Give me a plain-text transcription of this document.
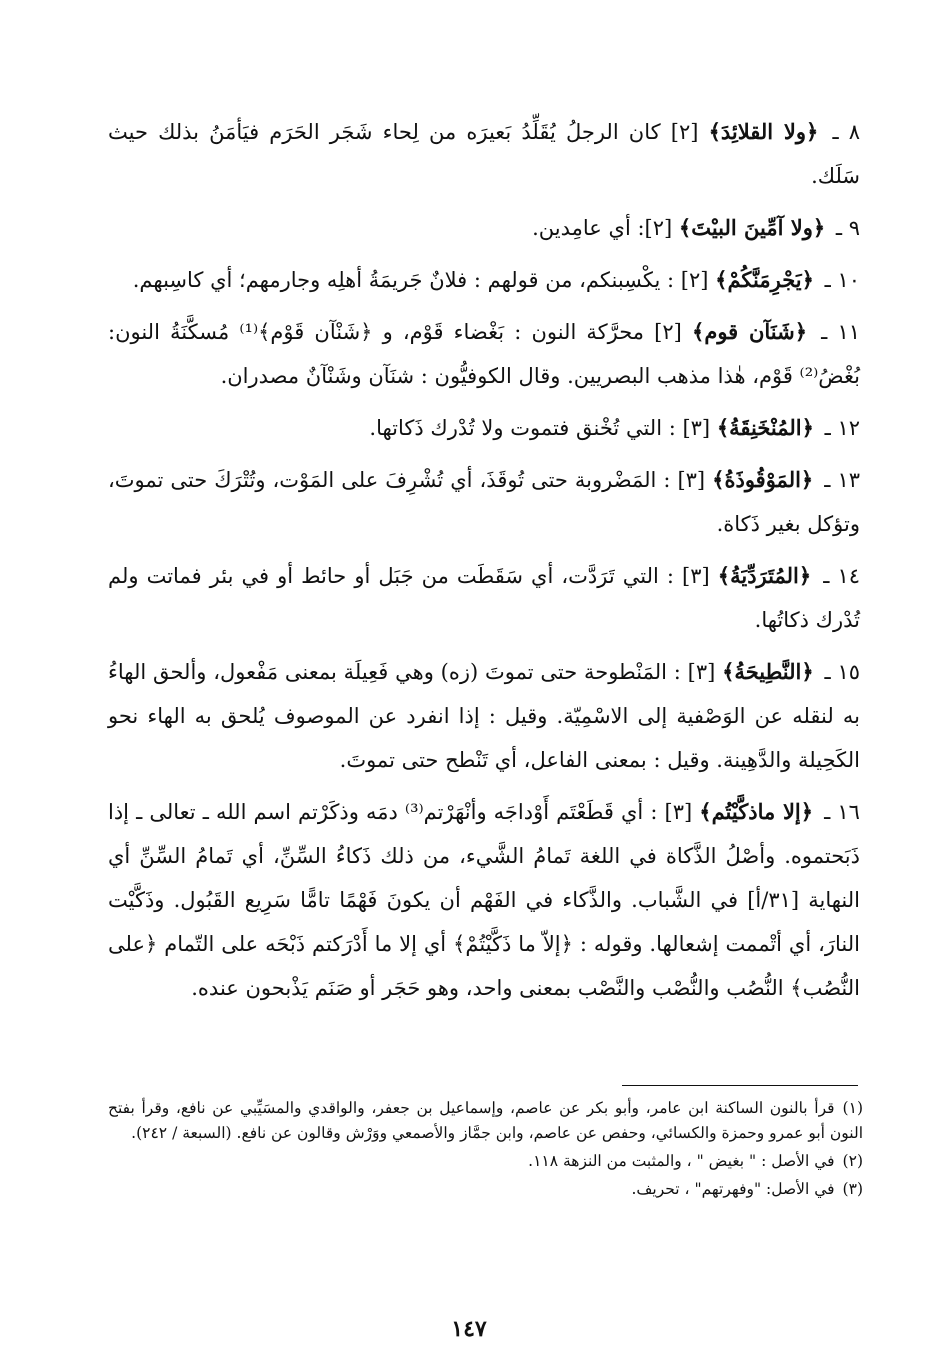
٨ ـ ﴿ولا القلائِدَ﴾ [٢] كان الرجلُ يُقَلِّدُ بَعيرَه من لِحاء شَجَر الحَرَم فيَأمَنُ بذلك حيث سَلَك.

٩ ـ ﴿ولا آمِّينَ البيْتَ﴾ [٢]: أي عامِدين.

١٠ ـ ﴿يَجْرِمَنَّكُمْ﴾ [٢] : يكْسِبنكم، من قولهم : فلانٌ جَريمَةُ أهلِه وجارمهم؛ أي كاسِبهم.

١١ ـ ﴿شَنَآن قوم﴾ [٢] محرَّكة النون : بَغْضاء قَوْم، و ﴿شَنْآن قَوْم﴾⁽¹⁾ مُسكَّنَةُ النون: بُغْضُ⁽²⁾ قَوْم، هٰذا مذهب البصريين. وقال الكوفيُّون : شنَآن وشَنْآنٌ مصدران.

١٢ ـ ﴿المُنْخَنِقَةُ﴾ [٣] : التي تُخْنق فتموت ولا تُدْرك ذَكاتها.

١٣ ـ ﴿المَوْقُوذَةُ﴾ [٣] : المَضْروبة حتى تُوقَذَ، أي تُشْرِفَ على المَوْت، وتُتْرَكَ حتى تموتَ، وتؤكل بغير ذَكاة.

١٤ ـ ﴿المُتَرَدِّيَةُ﴾ [٣] : التي تَرَدَّت، أي سَقَطَت من جَبَل أو حائط أو في بئر فماتت ولم تُدْرك ذكاتُها.

١٥ ـ ﴿النَّطِيحَةُ﴾ [٣] : المَنْطوحة حتى تموتَ (زه) وهي فَعِيلَة بمعنى مَفْعول، وألحق الهاءُ به لنقله عن الوَصْفية إلى الاسْمِيّة. وقيل : إذا انفرد عن الموصوف يُلحق به الهاء نحو الكَحِيلة والدَّهِينة. وقيل : بمعنى الفاعل، أي تَنْطح حتى تموتَ.

١٦ ـ ﴿إلا ماذكَّيْتُم﴾ [٣] : أي قَطَعْتَم أَوْداجَه وأنْهَرْتم⁽³⁾ دمَه وذكَرْتم اسم الله ـ تعالى ـ إذا ذَبَحتموه. وأصْلُ الذَّكاة في اللغة تَمامُ الشَّيء، من ذلك ذَكاءُ السِّنِّ، أي تَمامُ السِّنِّ أي النهاية [٣١/أ] في الشَّباب. والذَّكاء في الفَهْم أن يكونَ فَهْمًا تامًّا سَرِيع القَبُول. وذَكَّيْت النارَ، أي أتْممت إشعالها. وقوله : ﴿إلاّ ما ذَكَّيْتُمْ﴾ أي إلا ما أَدْرَكتم ذَبْحَه على التّمام ﴿على النُّصُب﴾ النُّصُب والنُّصْب والنَّصْب بمعنى واحد، وهو حَجَر أو صَنَم يَذْبحون عنده.

(١)قرأ بالنون الساكنة ابن عامر، وأبو بكر عن عاصم، وإسماعيل بن جعفر، والواقدي والمسَيِّبي عن نافع، وقرأ بفتح النون أبو عمرو وحمزة والكسائي، وحفص عن عاصم، وابن جمَّاز والأصمعي ووَرْش وقالون عن نافع. (السبعة / ٢٤٢).

(٢)في الأصل : " بغيض " ، والمثبت من النزهة ١١٨.

(٣)في الأصل: "وفهرتهم" ، تحريف.

١٤٧
